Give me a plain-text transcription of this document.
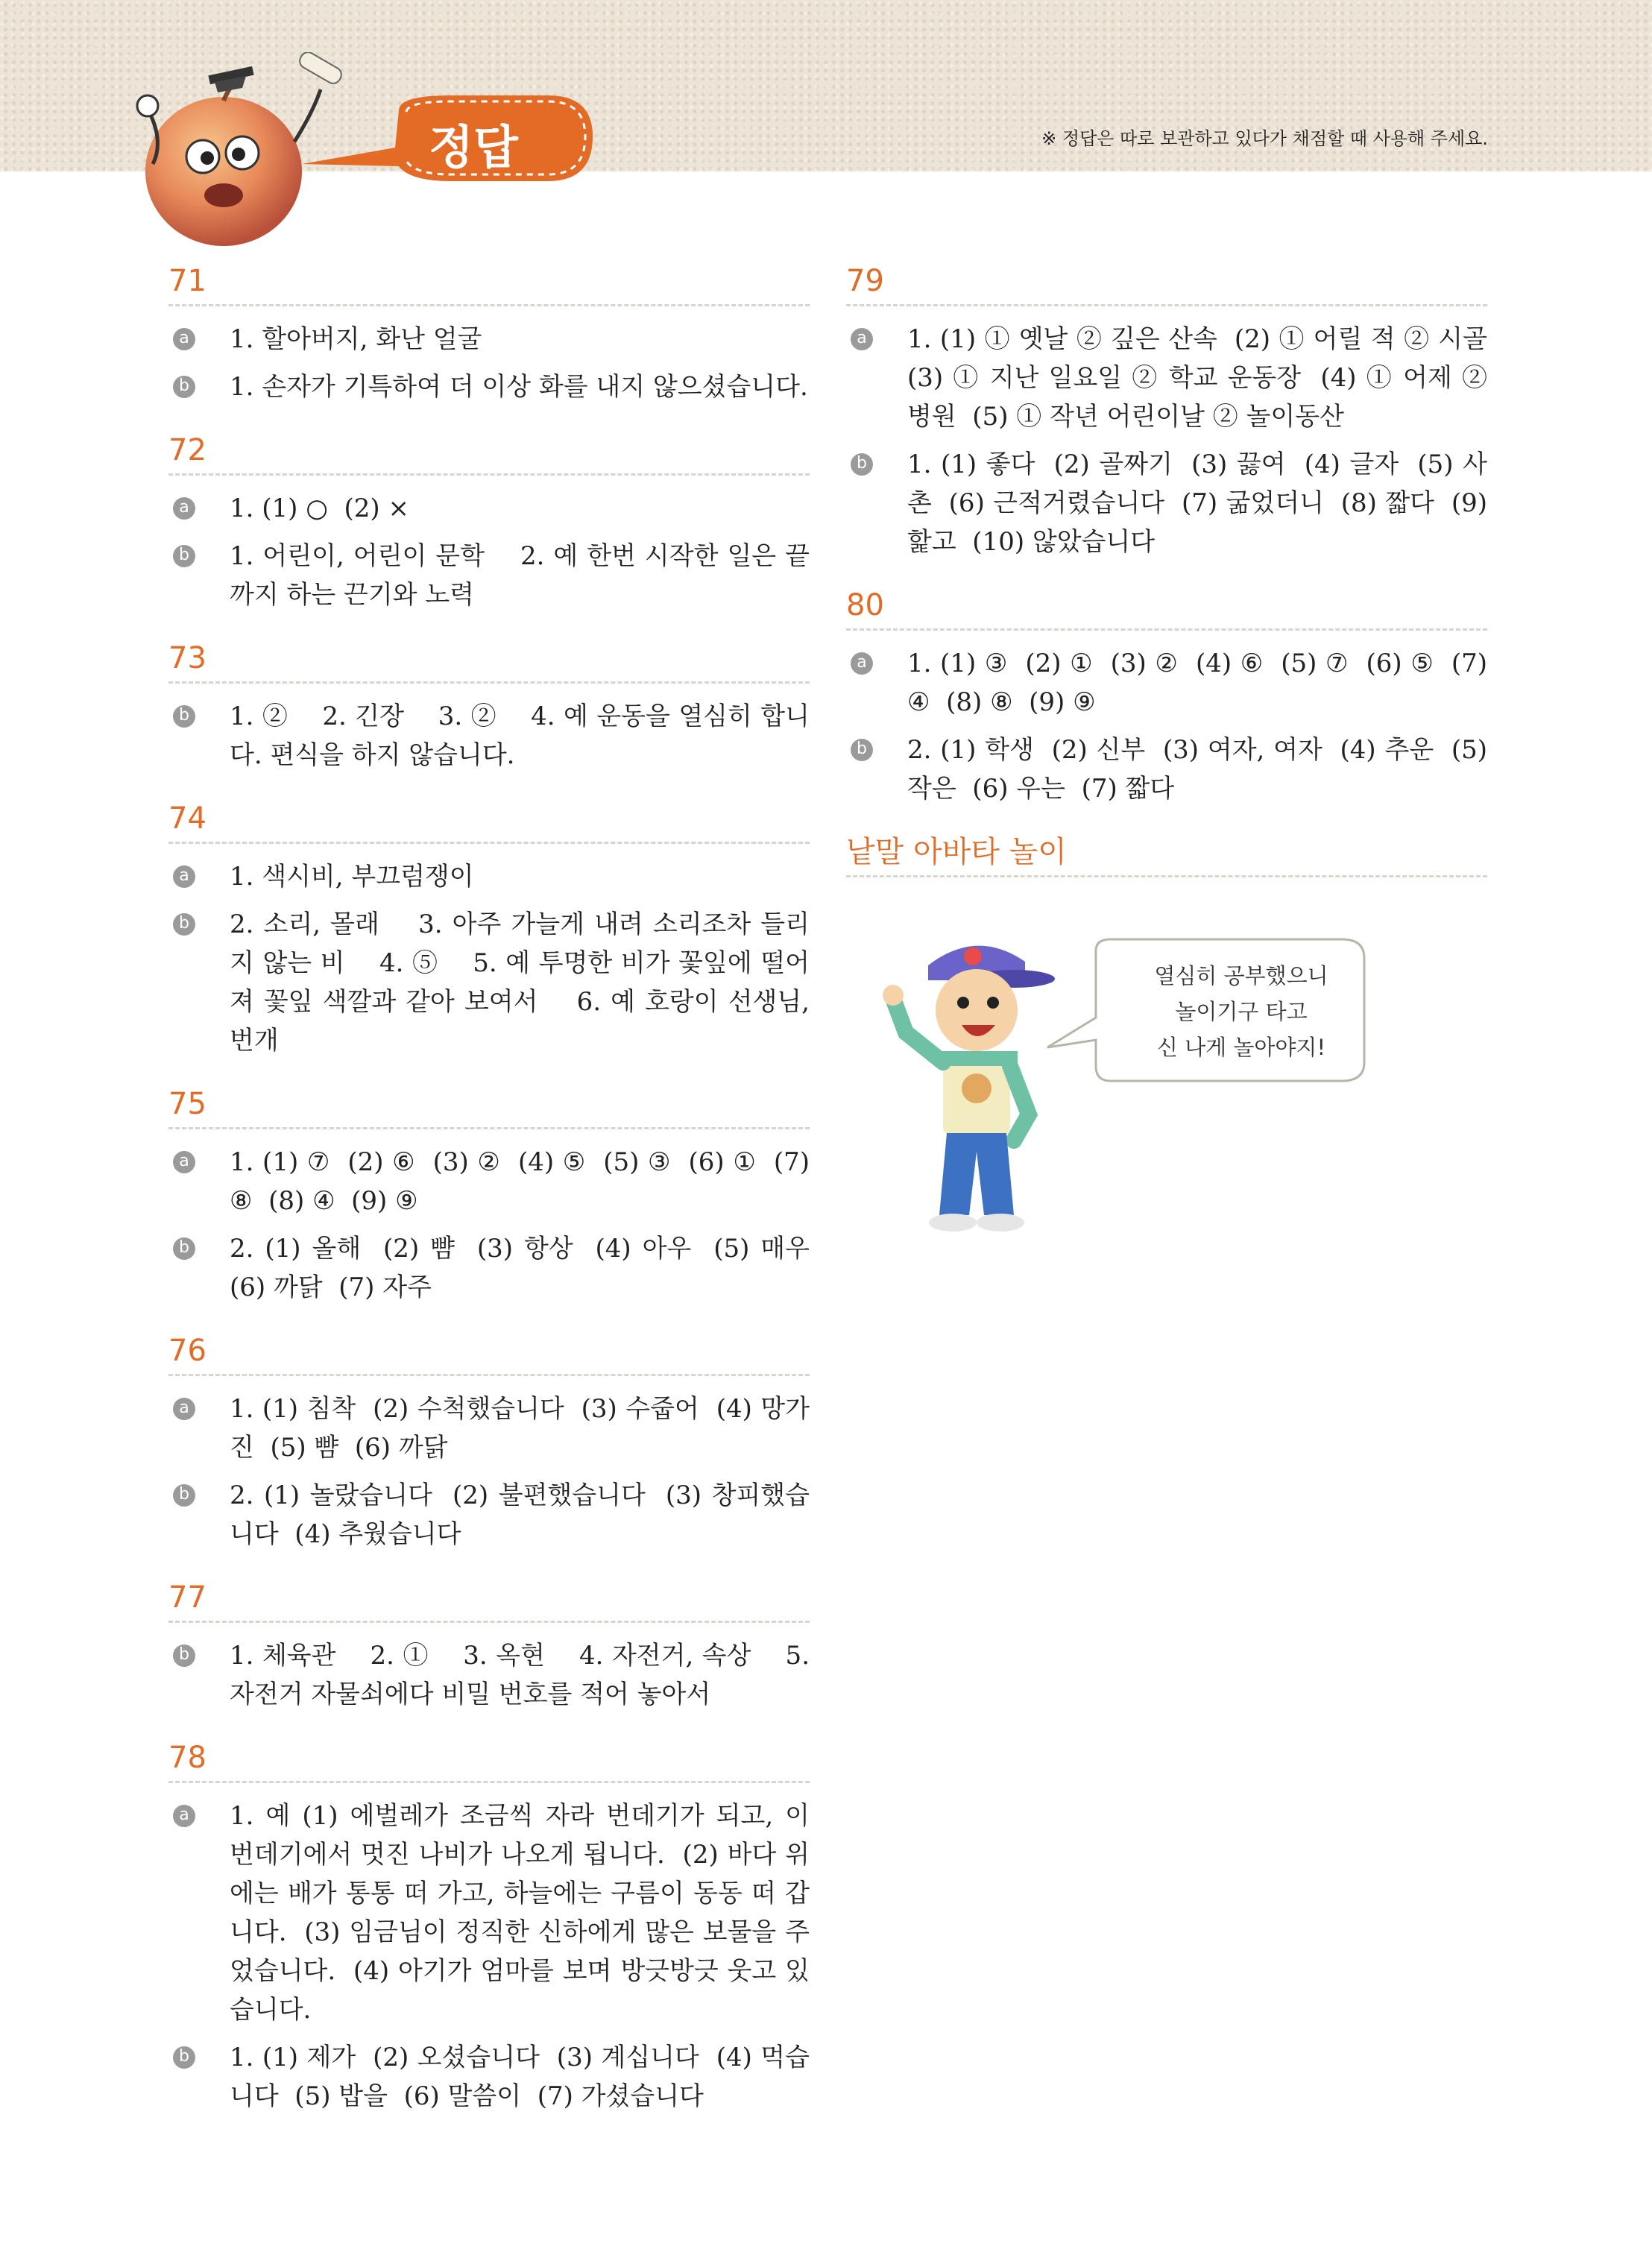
※ 정답은 따로 보관하고 있다가 채점할 때 사용해 주세요.
정답
71
a 1. 할아버지, 화난 얼굴
b 1. 손자가 기특하여 더 이상 화를 내지 않으셨습니다.
72
a 1. (1) ○  (2) ×
b 1. 어린이, 어린이 문학    2. 예 한번 시작한 일은 끝까지 하는 끈기와 노력
73
b 1. ②    2. 긴장    3. ②    4. 예 운동을 열심히 합니다. 편식을 하지 않습니다.
74
a 1. 색시비, 부끄럼쟁이
b 2. 소리, 몰래    3. 아주 가늘게 내려 소리조차 들리지 않는 비    4. ⑤    5. 예 투명한 비가 꽃잎에 떨어져 꽃잎 색깔과 같아 보여서    6. 예 호랑이 선생님, 번개
75
a 1. (1) ⑦  (2) ⑥  (3) ②  (4) ⑤  (5) ③  (6) ①  (7) ⑧  (8) ④  (9) ⑨
b 2. (1) 올해  (2) 뺨  (3) 항상  (4) 아우  (5) 매우  (6) 까닭  (7) 자주
76
a 1. (1) 침착  (2) 수척했습니다  (3) 수줍어  (4) 망가진  (5) 뺨  (6) 까닭
b 2. (1) 놀랐습니다  (2) 불편했습니다  (3) 창피했습니다  (4) 추웠습니다
77
b 1. 체육관    2. ①    3. 옥현    4. 자전거, 속상    5. 자전거 자물쇠에다 비밀 번호를 적어 놓아서
78
a 1. 예 (1) 에벌레가 조금씩 자라 번데기가 되고, 이 번데기에서 멋진 나비가 나오게 됩니다.  (2) 바다 위에는 배가 통통 떠 가고, 하늘에는 구름이 동동 떠 갑니다.  (3) 임금님이 정직한 신하에게 많은 보물을 주었습니다.  (4) 아기가 엄마를 보며 방긋방긋 웃고 있습니다.
b 1. (1) 제가  (2) 오셨습니다  (3) 계십니다  (4) 먹습니다  (5) 밥을  (6) 말씀이  (7) 가셨습니다
79
a 1. (1) ① 옛날 ② 깊은 산속  (2) ① 어릴 적 ② 시골  (3) ① 지난 일요일 ② 학교 운동장  (4) ① 어제 ② 병원  (5) ① 작년 어린이날 ② 놀이동산
b 1. (1) 좋다  (2) 골짜기  (3) 끓여  (4) 글자  (5) 사촌  (6) 근적거렸습니다  (7) 굶었더니  (8) 짧다  (9) 핥고  (10) 않았습니다
80
a 1. (1) ③  (2) ①  (3) ②  (4) ⑥  (5) ⑦  (6) ⑤  (7) ④  (8) ⑧  (9) ⑨
b 2. (1) 학생  (2) 신부  (3) 여자, 여자  (4) 추운  (5) 작은  (6) 우는  (7) 짧다
낱말 아바타 놀이
열심히 공부했으니
놀이기구 타고
신 나게 놀아야지!
